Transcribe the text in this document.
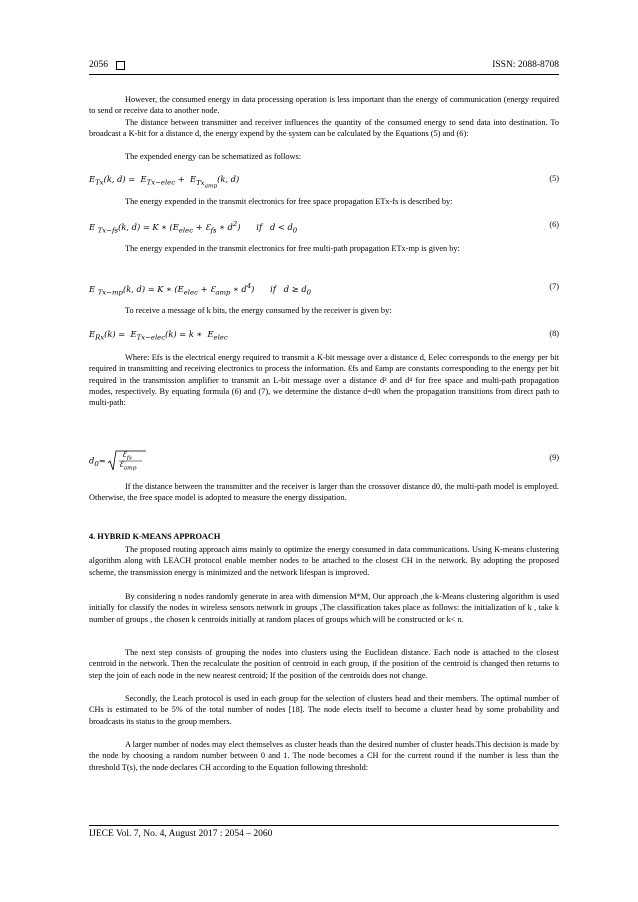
2056	ISSN: 2088-8708

However, the consumed energy in data processing operation is less important than the energy of communication (energy required to send or receive data to another node.

The distance between transmitter and receiver influences the quantity of the consumed energy to send data into destination. To broadcast a K-bit for a distance d, the energy expend by the system can be calculated by the Equations (5) and (6):

The expended energy can be schematized as follows:

$E_{Tx}(k$, $d) = E_{Tx-elec} + E_{Tx_{amp}}(k$, d)	(5)

The energy expended in the transmit electronics for free space propagation ETx-fs is described by:

E $_{Tx-fs}$(k, d) = K ∗ ($E_{elec}$ + $Ɛ_{fs}$ ∗ $d^2$)      if   $d < d_0$
(6)

The energy expended in the transmit electronics for free multi-path propagation ETx-mp is given by:

E $_{Tx-mp}$(k, d) = K ∗ ($E_{elec}$ + $Ɛ_{amp}$ ∗ $d^4$)      if   $d \ge d_0$
(7)

To receive a message of k bits, the energy consumed by the receiver is given by:

$E_{Rx}(k) = E_{Tx-elec}(k) = k$ ∗  $E_{elec}$	(8)

Where: Efs is the electrical energy required to transmit a K-bit message over a distance d, Eelec corresponds to the energy per bit required in transmitting and receiving electronics to process the information. Ɛfs and Ɛamp are constants corresponding to the energy per bit required in the transmission amplifier to transmit an L-bit message over a distance d² and d⁴ for free space and multi-path propagation modes, respectively. By equating formula (6) and (7), we determine the distance d=d0 when the propagation transitions from direct path to multi-path:

$d_0=$
$Ɛ_{fs}$
$Ɛ_{amp}$
(9)

If the distance between the transmitter and the receiver is larger than the crossover distance d0, the multi-path model is employed. Otherwise, the free space model is adopted to measure the energy dissipation.

4. HYBRID K-MEANS APPROACH

The proposed routing approach aims mainly to optimize the energy consumed in data communications. Using K-means clustering algorithm along with LEACH protocol enable member nodes to be attached to the closest CH in the network. By adopting the proposed scheme, the transmission energy is minimized and the network lifespan is improved.

By considering n nodes randomly generate in area with dimension M*M, Our approach ,the k-Means clustering algorithm is used initially for classify the nodes in wireless sensors network in groups ,The classification takes place as follows: the initialization of k , take k number of groups , the chosen k centroids initially at random places of groups which will be constructed or k< n.

The next step consists of grouping the nodes into clusters using the Euclidean distance. Each node is attached to the closest centroid in the network. Then the recalculate the position of centroid in each group, if the position of the centroid is changed then returns to step the join of each node in the new nearest centroid; If the position of the centroids does not change.

Secondly, the Leach protocol is used in each group for the selection of clusters head and their members. The optimal number of CHs is estimated to be 5% of the total number of nodes [18]. The node elects itself to become a cluster head by some probability and broadcasts its status to the group members.

A larger number of nodes may elect themselves as cluster heads than the desired number of cluster heads.This decision is made by the node by choosing a random number between 0 and 1. The node becomes a CH for the current round if the number is less than the threshold T(s), the node declares CH according to the Equation following threshold:

IJECE Vol. 7, No. 4, August 2017 : 2054 – 2060
